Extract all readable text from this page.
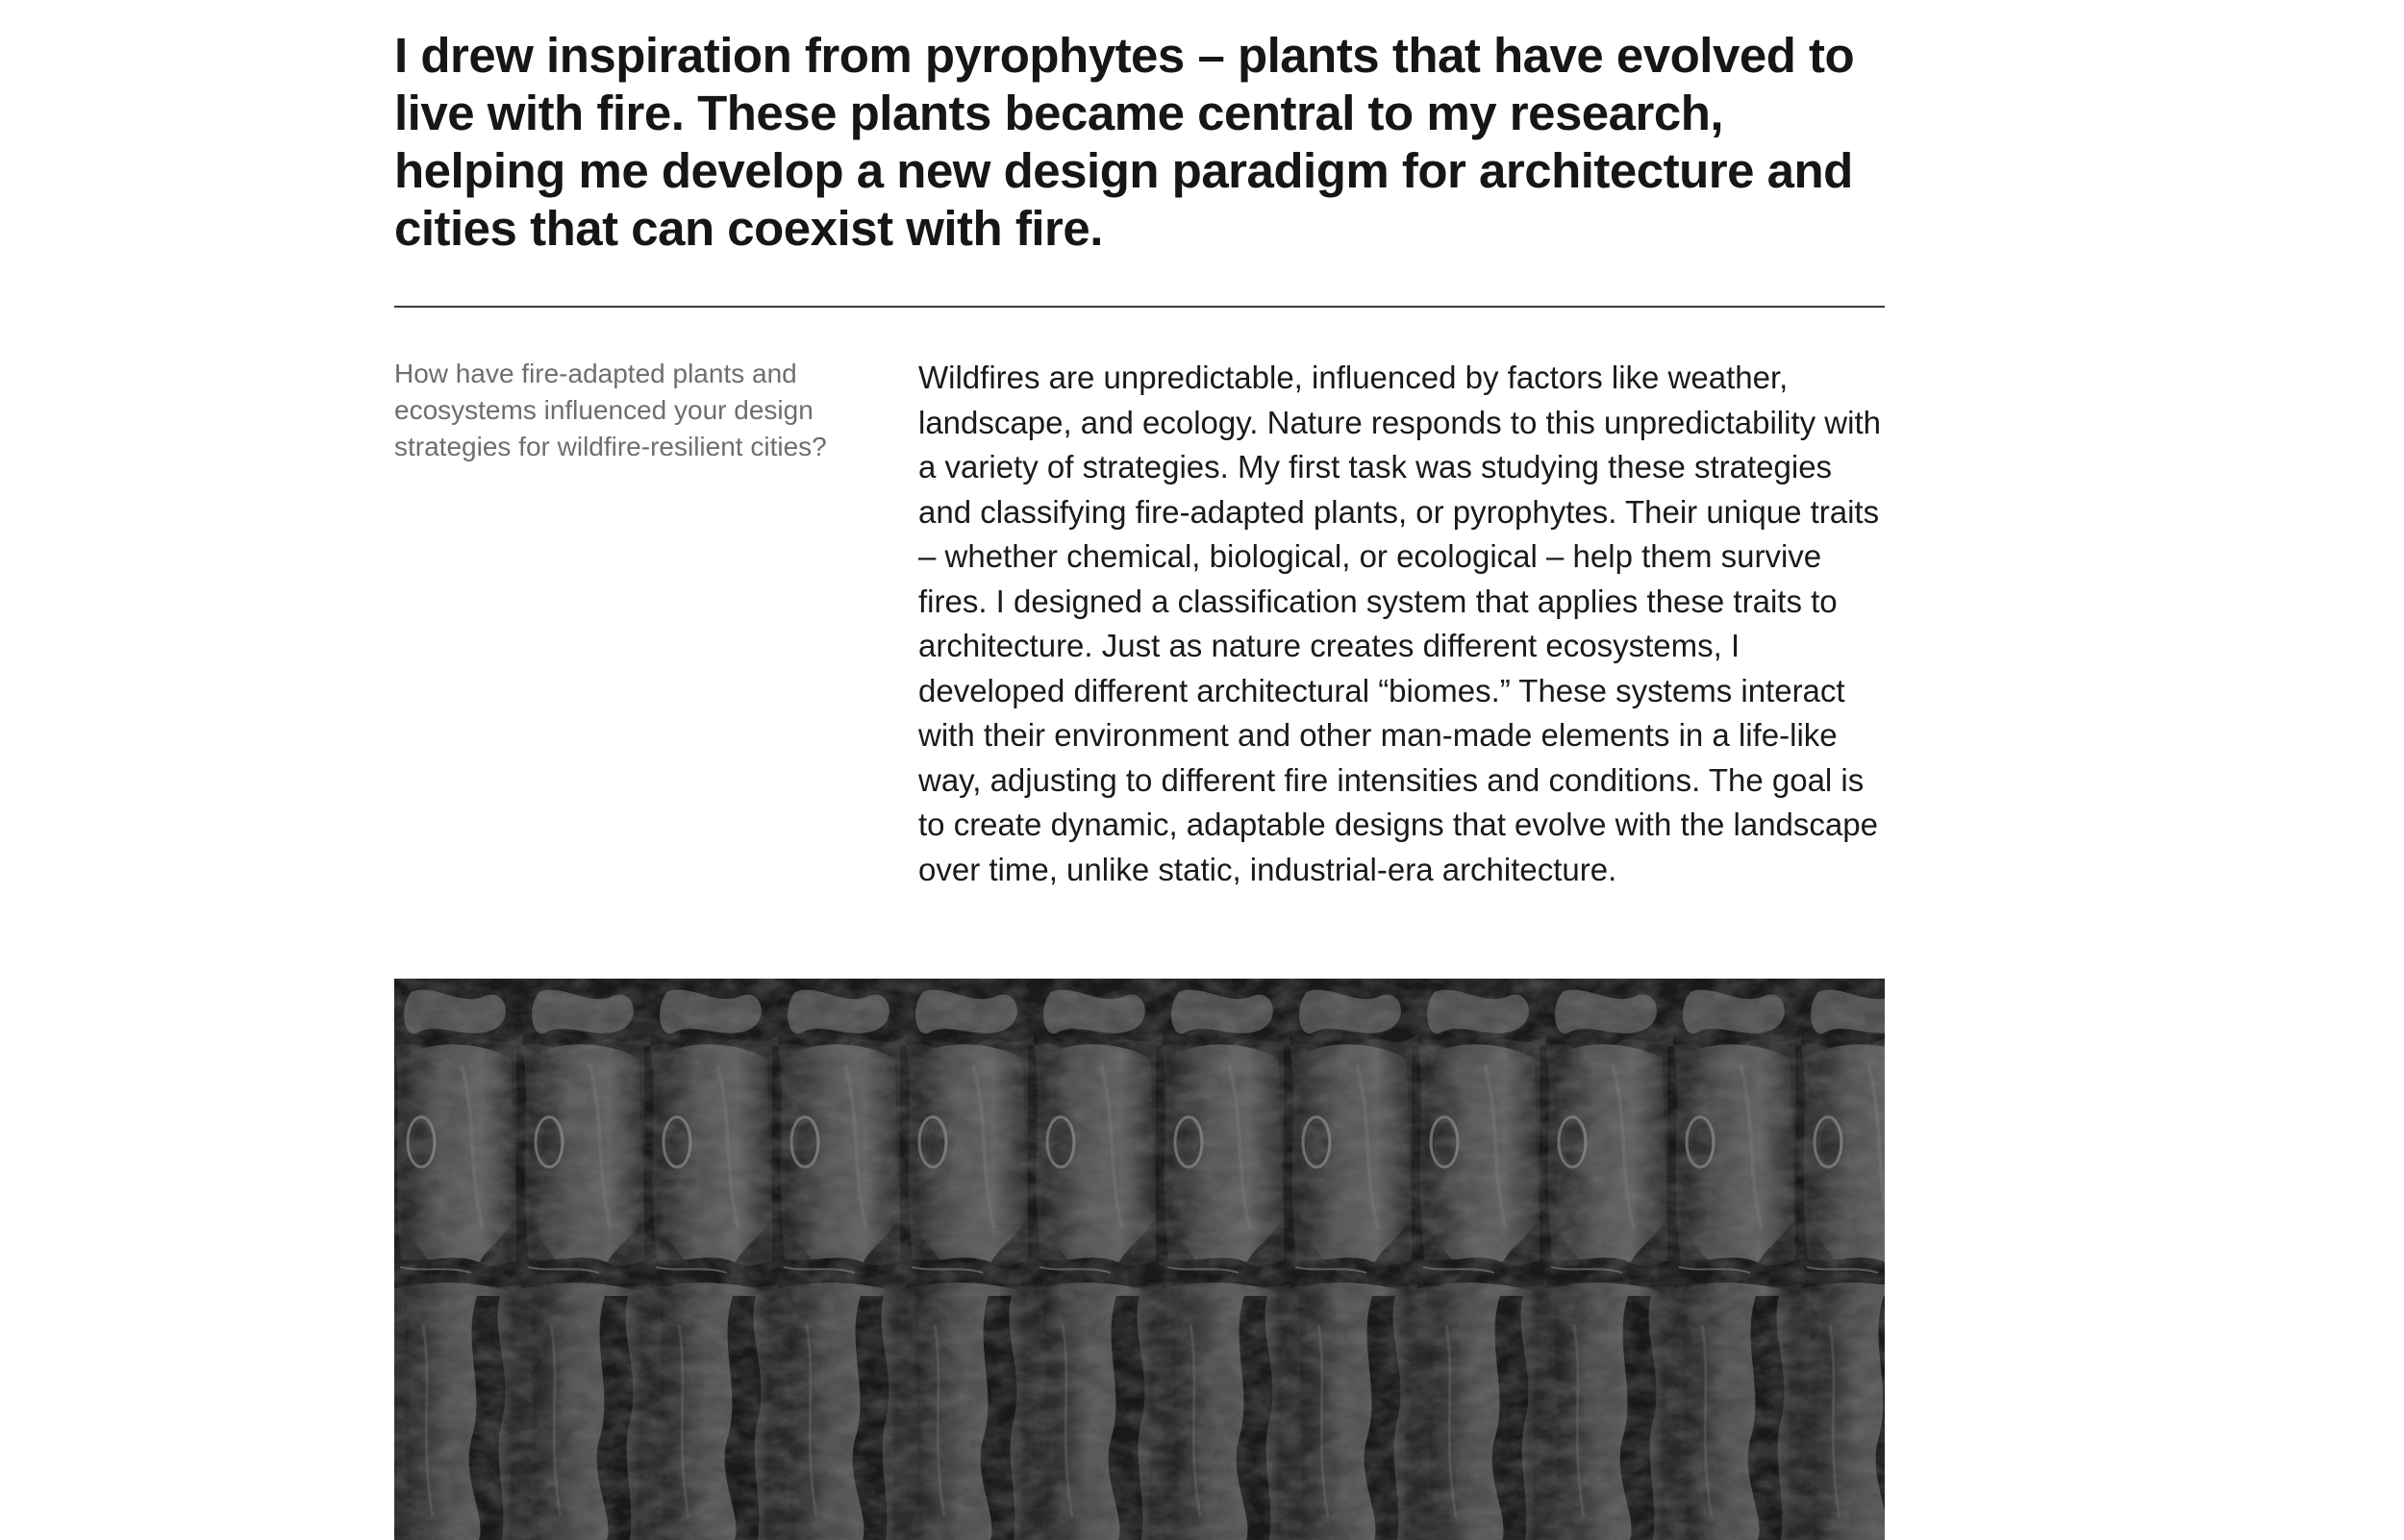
I drew inspiration from pyrophytes – plants that have evolved to live with fire. These plants became central to my research, helping me develop a new design paradigm for architecture and cities that can coexist with fire.

How have fire-adapted plants and ecosystems influenced your design strategies for wildfire-resilient cities?

Wildfires are unpredictable, influenced by factors like weather, landscape, and ecology. Nature responds to this unpredictability with a variety of strategies. My first task was studying these strategies and classifying fire-adapted plants, or pyrophytes. Their unique traits – whether chemical, biological, or ecological – help them survive fires. I designed a classification system that applies these traits to architecture. Just as nature creates different ecosystems, I developed different architectural “biomes.” These systems interact with their environment and other man-made elements in a life-like way, adjusting to different fire intensities and conditions. The goal is to create dynamic, adaptable designs that evolve with the landscape over time, unlike static, industrial-era architecture.
